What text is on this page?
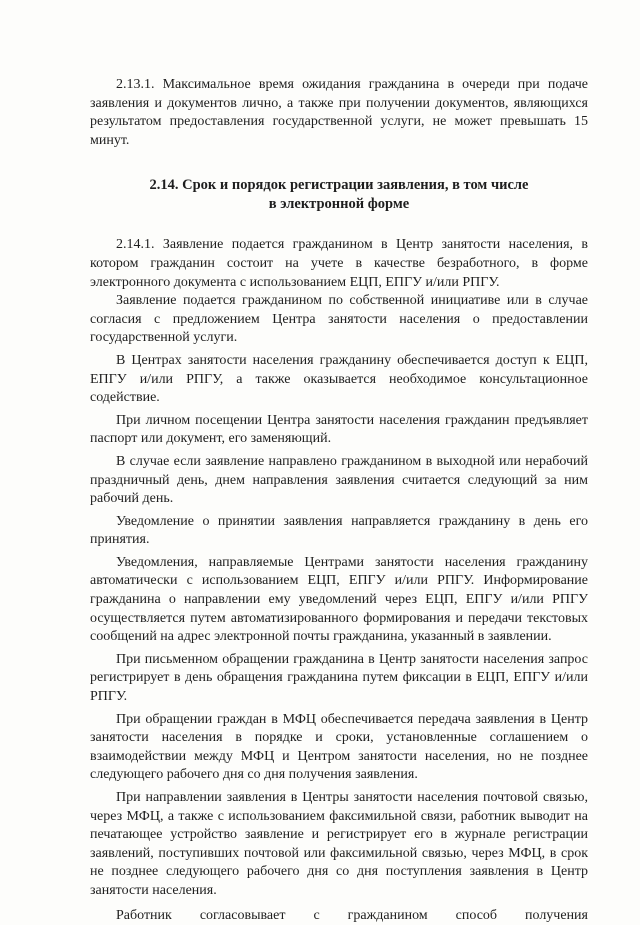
2.13.1. Максимальное время ожидания гражданина в очереди при подаче заявления и документов лично, а также при получении документов, являющихся результатом предоставления государственной услуги, не может превышать 15 минут.

2.14. Срок и порядок регистрации заявления, в том числе
в электронной форме

2.14.1. Заявление подается гражданином в Центр занятости населения, в котором гражданин состоит на учете в качестве безработного, в форме электронного документа с использованием ЕЦП, ЕПГУ и/или РПГУ.

Заявление подается гражданином по собственной инициативе или в случае согласия с предложением Центра занятости населения о предоставлении государственной услуги.

В Центрах занятости населения гражданину обеспечивается доступ к ЕЦП, ЕПГУ и/или РПГУ, а также оказывается необходимое консультационное содействие.

При личном посещении Центра занятости населения гражданин предъявляет паспорт или документ, его заменяющий.

В случае если заявление направлено гражданином в выходной или нерабочий праздничный день, днем направления заявления считается следующий за ним рабочий день.

Уведомление о принятии заявления направляется гражданину в день его принятия.

Уведомления, направляемые Центрами занятости населения гражданину автоматически с использованием ЕЦП, ЕПГУ и/или РПГУ. Информирование гражданина о направлении ему уведомлений через ЕЦП, ЕПГУ и/или РПГУ осуществляется путем автоматизированного формирования и передачи текстовых сообщений на адрес электронной почты гражданина, указанный в заявлении.

При письменном обращении гражданина в Центр занятости населения запрос регистрирует в день обращения гражданина путем фиксации в ЕЦП, ЕПГУ и/или РПГУ.

При обращении граждан в МФЦ обеспечивается передача заявления в Центр занятости населения в порядке и сроки, установленные соглашением о взаимодействии между МФЦ и Центром занятости населения, но не позднее следующего рабочего дня со дня получения заявления.

При направлении заявления в Центры занятости населения почтовой связью, через МФЦ, а также с использованием факсимильной связи, работник выводит на печатающее устройство заявление и регистрирует его в журнале регистрации заявлений, поступивших почтовой или факсимильной связью, через МФЦ, в срок не позднее следующего рабочего дня со дня поступления заявления в Центр занятости населения.

Работник согласовывает с гражданином способ получения
